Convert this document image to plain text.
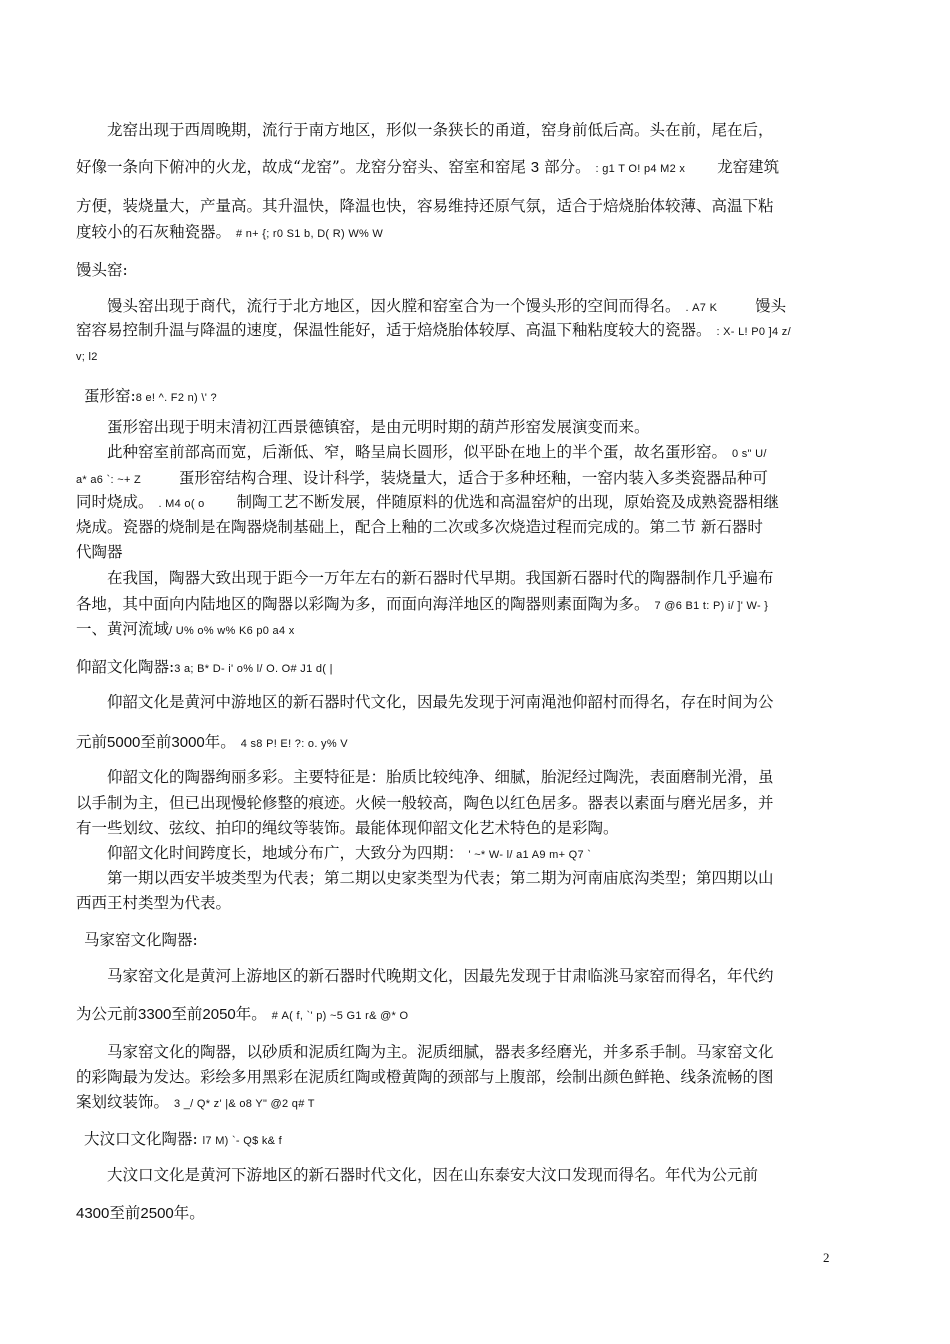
龙窑出现于西周晚期，流行于南方地区，形似一条狭长的甬道，窑身前低后高。头在前，尾在后，
好像一条向下俯冲的火龙，故成“龙窑”。龙窑分窑头、窑室和窑尾 3 部分。 : g1 T O! p4 M2 x 龙窑建筑
方便，装烧量大，产量高。其升温快，降温也快，容易维持还原气氛，适合于焙烧胎体较薄、高温下粘
度较小的石灰釉瓷器。 # n+ {; r0 S1 b, D( R) W% W
馒头窑:
馒头窑出现于商代，流行于北方地区，因火膛和窑室合为一个馒头形的空间而得名。 . A7 K 馒头
窑容易控制升温与降温的速度，保温性能好，适于焙烧胎体较厚、高温下釉粘度较大的瓷器。 : X- L! P0 ]4 z/
v; l2
蛋形窑:8 e! ^. F2 n) \' ?
蛋形窑出现于明末清初江西景德镇窑，是由元明时期的葫芦形窑发展演变而来。
此种窑室前部高而宽，后渐低、窄，略呈扁长圆形，似平卧在地上的半个蛋，故名蛋形窑。 0 s" U/
a* a6 `: ~+ Z 蛋形窑结构合理、设计科学，装烧量大，适合于多种坯釉，一窑内装入多类瓷器品种可
同时烧成。 . M4 o( o 制陶工艺不断发展，伴随原料的优选和高温窑炉的出现，原始瓷及成熟瓷器相继
烧成。瓷器的烧制是在陶器烧制基础上，配合上釉的二次或多次烧造过程而完成的。第二节 新石器时
代陶器
在我国，陶器大致出现于距今一万年左右的新石器时代早期。我国新石器时代的陶器制作几乎遍布
各地，其中面向内陆地区的陶器以彩陶为多，而面向海洋地区的陶器则素面陶为多。 7 @6 B1 t: P) i/ ]' W- }
一、黄河流域/ U% o% w% K6 p0 a4 x
仰韶文化陶器:3 a; B* D- i' o% l/ O. O# J1 d( |
仰韶文化是黄河中游地区的新石器时代文化，因最先发现于河南渑池仰韶村而得名，存在时间为公
元前5000至前3000年。 4 s8 P! E! ?: o. y% V
仰韶文化的陶器绚丽多彩。主要特征是：胎质比较纯净、细腻，胎泥经过陶洗，表面磨制光滑，虽
以手制为主，但已出现慢轮修整的痕迹。火候一般较高，陶色以红色居多。器表以素面与磨光居多，并
有一些划纹、弦纹、拍印的绳纹等装饰。最能体现仰韶文化艺术特色的是彩陶。
仰韶文化时间跨度长，地域分布广，大致分为四期： ' ~* W- l/ a1 A9 m+ Q7 `
第一期以西安半坡类型为代表；第二期以史家类型为代表；第二期为河南庙底沟类型；第四期以山
西西王村类型为代表。
马家窑文化陶器:
马家窑文化是黄河上游地区的新石器时代晚期文化，因最先发现于甘肃临洮马家窑而得名，年代约
为公元前3300至前2050年。 # A( f, `' p) ~5 G1 r& @* O
马家窑文化的陶器，以砂质和泥质红陶为主。泥质细腻，器表多经磨光，并多系手制。马家窑文化
的彩陶最为发达。彩绘多用黑彩在泥质红陶或橙黄陶的颈部与上腹部，绘制出颜色鲜艳、线条流畅的图
案划纹装饰。 3 _/ Q* z' |& o8 Y" @2 q# T
大汶口文化陶器: l7 M) `- Q$ k& f
大汶口文化是黄河下游地区的新石器时代文化，因在山东泰安大汶口发现而得名。年代为公元前
4300至前2500年。
2
